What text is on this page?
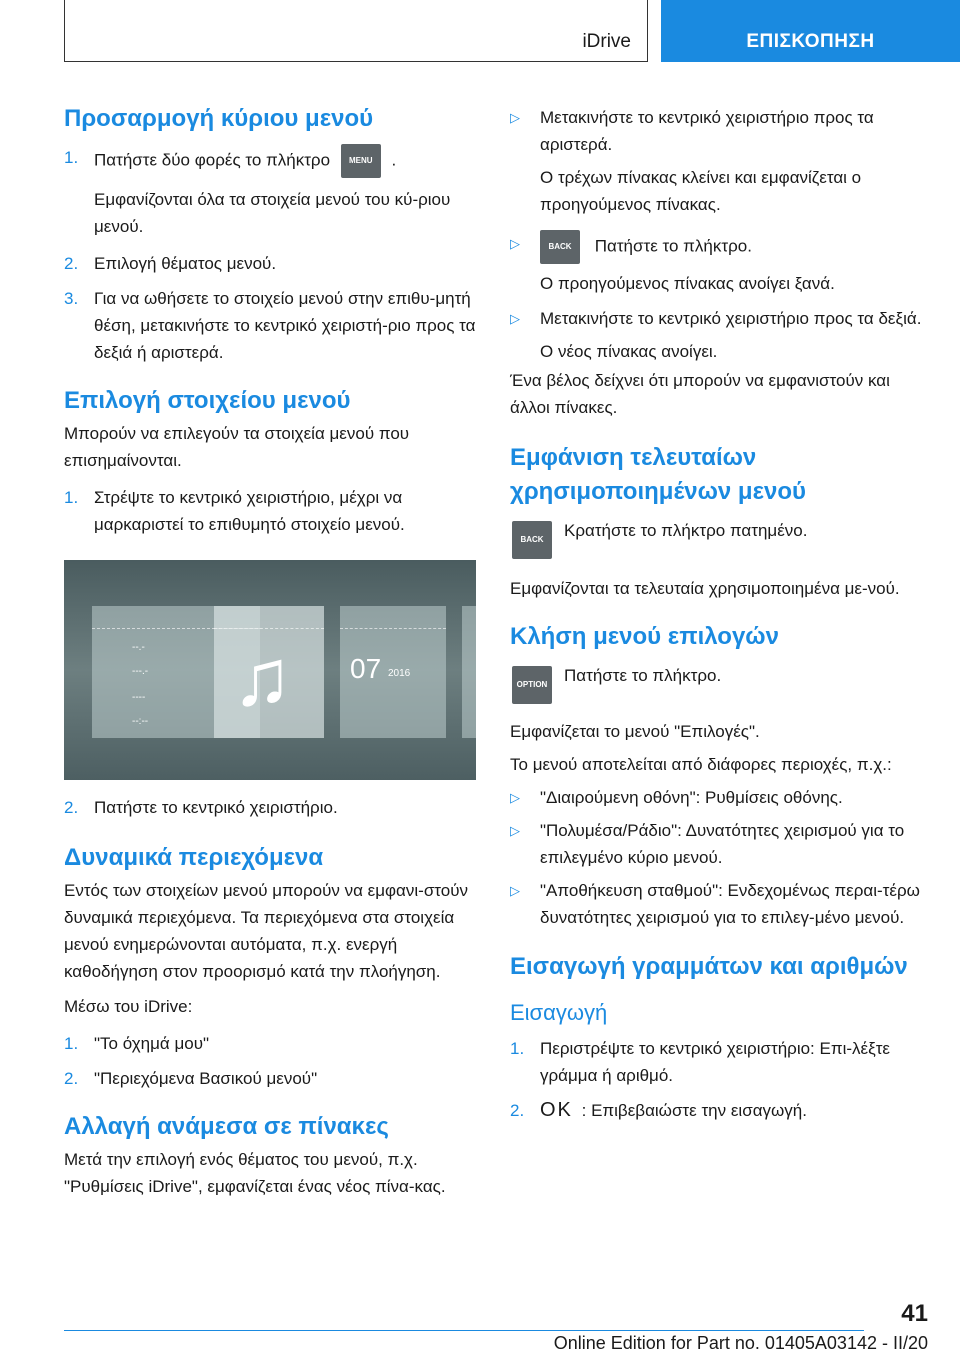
iDrive	ΕΠΙΣΚΟΠΗΣΗ
Προσαρμογή κύριου μενού
1. Πατήστε δύο φορές το πλήκτρο MENU .

Εμφανίζονται όλα τα στοιχεία μενού του κύ‐ριου μενού.

2. Επιλογή θέματος μενού.
3. Για να ωθήσετε το στοιχείο μενού στην επιθυ‐μητή θέση, μετακινήστε το κεντρικό χειριστή‐ριο προς τα δεξιά ή αριστερά.
Επιλογή στοιχείου μενού

Μπορούν να επιλεγούν τα στοιχεία μενού που επισημαίνονται.

1. Στρέψτε το κεντρικό χειριστήριο, μέχρι να μαρκαριστεί το επιθυμητό στοιχείο μενού.
--.-
---.-
----
--:-- ♫ 07 2016
2. Πατήστε το κεντρικό χειριστήριο.
Δυναμικά περιεχόμενα

Εντός των στοιχείων μενού μπορούν να εμφανι‐στούν δυναμικά περιεχόμενα. Τα περιεχόμενα στα στοιχεία μενού ενημερώνονται αυτόματα, π.χ. ενεργή καθοδήγηση στον προορισμό κατά την πλοήγηση.

Μέσω του iDrive:

1. "Το όχημά μου"
2. "Περιεχόμενα Βασικού μενού"
Αλλαγή ανάμεσα σε πίνακες

Μετά την επιλογή ενός θέματος του μενού, π.χ. "Ρυθμίσεις iDrive", εμφανίζεται ένας νέος πίνα‐κας.

▷ Μετακινήστε το κεντρικό χειριστήριο προς τα αριστερά.

Ο τρέχων πίνακας κλείνει και εμφανίζεται ο προηγούμενος πίνακας.

▷	BACK Πατήστε το πλήκτρο.

Ο προηγούμενος πίνακας ανοίγει ξανά.

▷ Μετακινήστε το κεντρικό χειριστήριο προς τα δεξιά.

Ο νέος πίνακας ανοίγει.

Ένα βέλος δείχνει ότι μπορούν να εμφανιστούν και άλλοι πίνακες.

Εμφάνιση τελευταίων χρησιμοποιημένων μενού
BACK	Κρατήστε το πλήκτρο πατημένο.

Εμφανίζονται τα τελευταία χρησιμοποιημένα με‐νού.

Κλήση μενού επιλογών
OPTION Πατήστε το πλήκτρο.

Εμφανίζεται το μενού "Επιλογές".

Το μενού αποτελείται από διάφορες περιοχές, π.χ.:

▷ "Διαιρούμενη οθόνη": Ρυθμίσεις οθόνης.
▷ "Πολυμέσα/Ράδιο": Δυνατότητες χειρισμού για το επιλεγμένο κύριο μενού.
▷ "Αποθήκευση σταθμού": Ενδεχομένως περαι‐τέρω δυνατότητες χειρισμού για το επιλεγ‐μένο μενού.
Εισαγωγή γραμμάτων και αριθμών
Εισαγωγή
1. Περιστρέψτε το κεντρικό χειριστήριο: Επι‐λέξτε γράμμα ή αριθμό.
2. OK : Επιβεβαιώστε την εισαγωγή.
41
Online Edition for Part no. 01405A03142 - II/20
